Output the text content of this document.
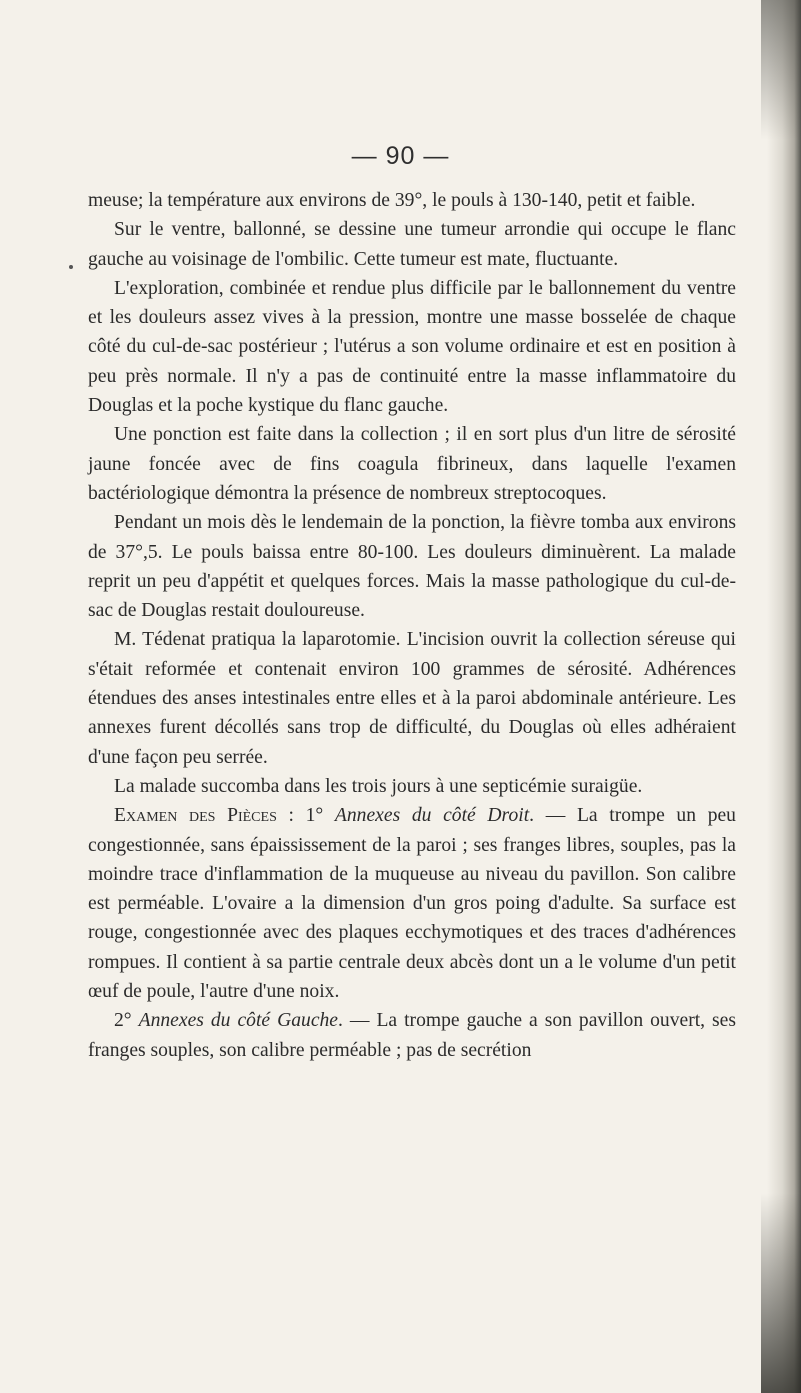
— 90 —

meuse; la température aux environs de 39°, le pouls à 130-140, petit et faible.

Sur le ventre, ballonné, se dessine une tumeur arrondie qui occupe le flanc gauche au voisinage de l'ombilic. Cette tumeur est mate, fluctuante.

L'exploration, combinée et rendue plus difficile par le ballonnement du ventre et les douleurs assez vives à la pression, montre une masse bosselée de chaque côté du cul-de-sac postérieur ; l'utérus a son volume ordinaire et est en position à peu près normale. Il n'y a pas de continuité entre la masse inflammatoire du Douglas et la poche kystique du flanc gauche.

Une ponction est faite dans la collection ; il en sort plus d'un litre de sérosité jaune foncée avec de fins coagula fibrineux, dans laquelle l'examen bactériologique démontra la présence de nombreux streptocoques.

Pendant un mois dès le lendemain de la ponction, la fièvre tomba aux environs de 37°,5. Le pouls baissa entre 80-100. Les douleurs diminuèrent. La malade reprit un peu d'appétit et quelques forces. Mais la masse pathologique du cul-de-sac de Douglas restait douloureuse.

M. Tédenat pratiqua la laparotomie. L'incision ouvrit la collection séreuse qui s'était reformée et contenait environ 100 grammes de sérosité. Adhérences étendues des anses intestinales entre elles et à la paroi abdominale antérieure. Les annexes furent décollés sans trop de difficulté, du Douglas où elles adhéraient d'une façon peu serrée.

La malade succomba dans les trois jours à une septicémie suraigüe.

Examen des Pièces : 1° Annexes du côté Droit. — La trompe un peu congestionnée, sans épaississement de la paroi ; ses franges libres, souples, pas la moindre trace d'inflammation de la muqueuse au niveau du pavillon. Son calibre est perméable. L'ovaire a la dimension d'un gros poing d'adulte. Sa surface est rouge, congestionnée avec des plaques ecchymotiques et des traces d'adhérences rompues. Il contient à sa partie centrale deux abcès dont un a le volume d'un petit œuf de poule, l'autre d'une noix.

2° Annexes du côté Gauche. — La trompe gauche a son pavillon ouvert, ses franges souples, son calibre perméable ; pas de secrétion
